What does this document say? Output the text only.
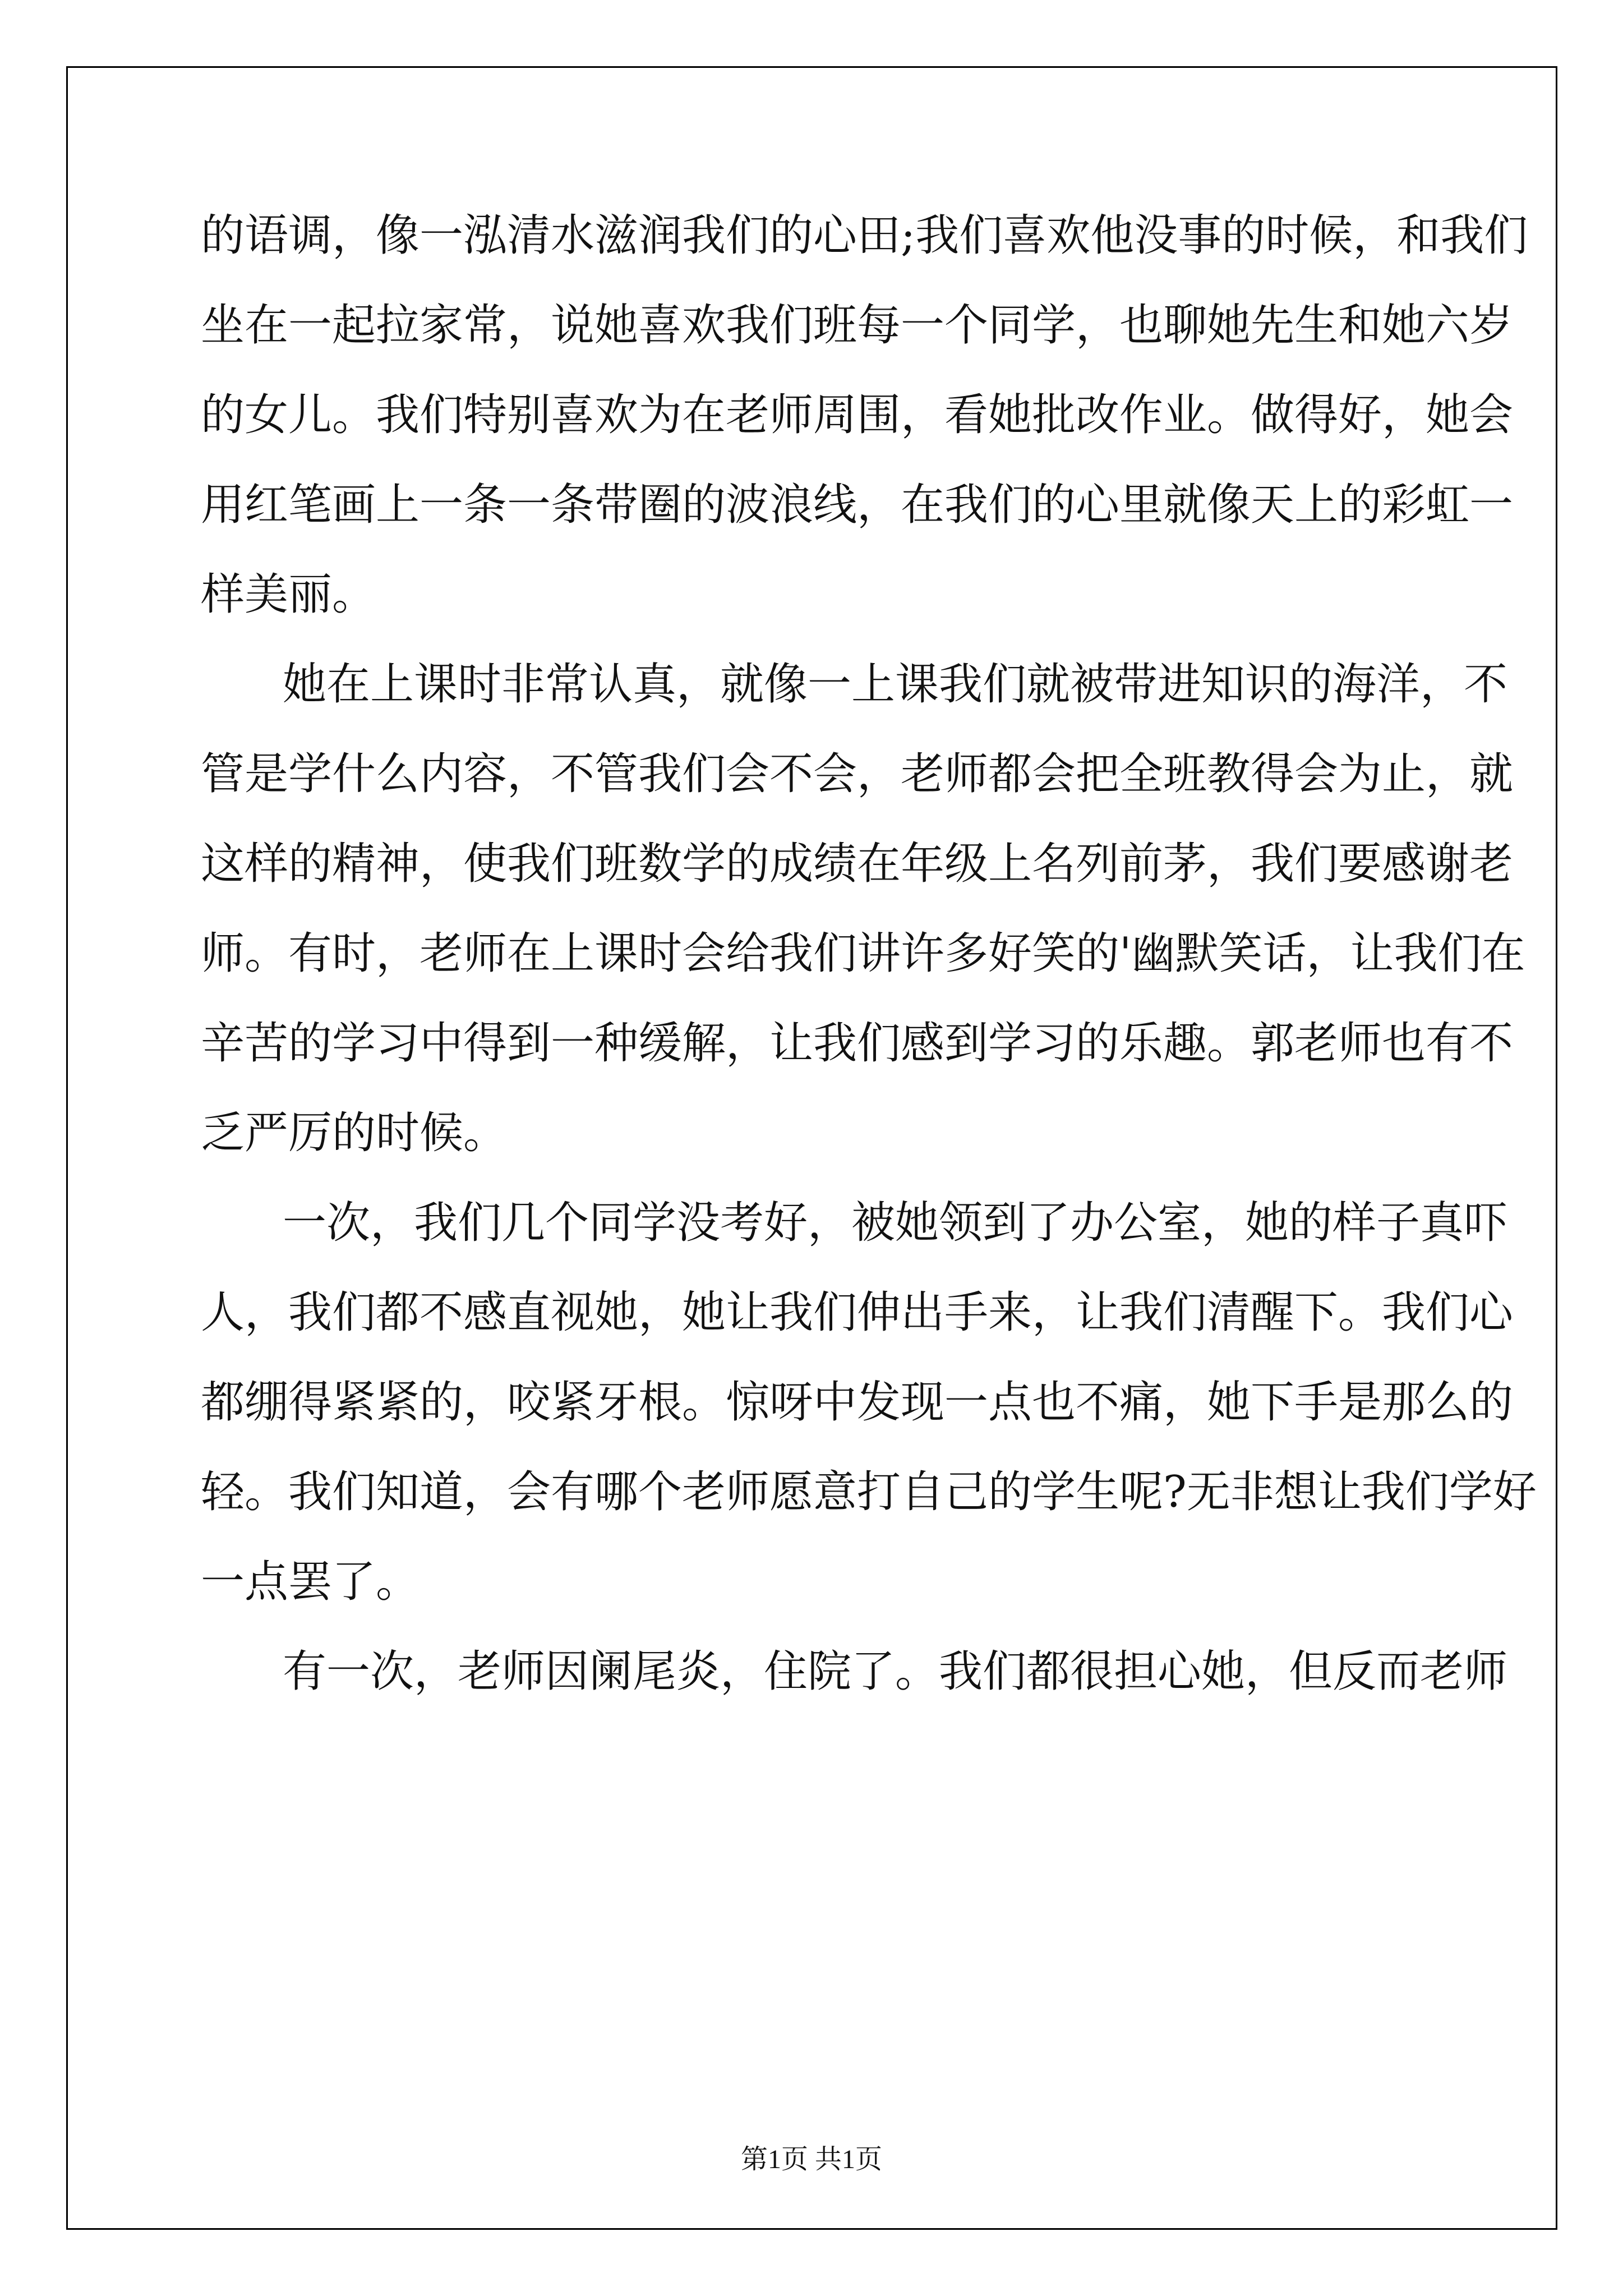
的语调，像一泓清水滋润我们的心田;我们喜欢他没事的时候，和我们
坐在一起拉家常，说她喜欢我们班每一个同学，也聊她先生和她六岁
的女儿。我们特别喜欢为在老师周围，看她批改作业。做得好，她会
用红笔画上一条一条带圈的波浪线，在我们的心里就像天上的彩虹一
样美丽。
她在上课时非常认真，就像一上课我们就被带进知识的海洋，不
管是学什么内容，不管我们会不会，老师都会把全班教得会为止，就
这样的精神，使我们班数学的成绩在年级上名列前茅，我们要感谢老
师。有时，老师在上课时会给我们讲许多好笑的'幽默笑话，让我们在
辛苦的学习中得到一种缓解，让我们感到学习的乐趣。郭老师也有不
乏严厉的时候。
一次，我们几个同学没考好，被她领到了办公室，她的样子真吓
人，我们都不感直视她，她让我们伸出手来，让我们清醒下。我们心
都绷得紧紧的，咬紧牙根。惊呀中发现一点也不痛，她下手是那么的
轻。我们知道，会有哪个老师愿意打自己的学生呢?无非想让我们学好
一点罢了。
有一次，老师因阑尾炎，住院了。我们都很担心她，但反而老师
第1页 共1页
